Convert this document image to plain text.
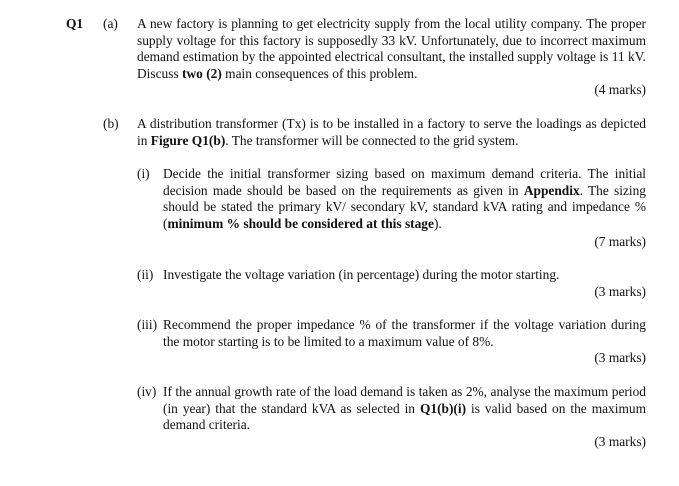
Q1 (a) A new factory is planning to get electricity supply from the local utility company. The proper supply voltage for this factory is supposedly 33 kV. Unfortunately, due to incorrect maximum demand estimation by the appointed electrical consultant, the installed supply voltage is 11 kV. Discuss two (2) main consequences of this problem.
(4 marks)
(b) A distribution transformer (Tx) is to be installed in a factory to serve the loadings as depicted in Figure Q1(b). The transformer will be connected to the grid system.
(i) Decide the initial transformer sizing based on maximum demand criteria. The initial decision made should be based on the requirements as given in Appendix. The sizing should be stated the primary kV/ secondary kV, standard kVA rating and impedance % (minimum % should be considered at this stage).
(7 marks)
(ii) Investigate the voltage variation (in percentage) during the motor starting.
(3 marks)
(iii) Recommend the proper impedance % of the transformer if the voltage variation during the motor starting is to be limited to a maximum value of 8%.
(3 marks)
(iv) If the annual growth rate of the load demand is taken as 2%, analyse the maximum period (in year) that the standard kVA as selected in Q1(b)(i) is valid based on the maximum demand criteria.
(3 marks)
